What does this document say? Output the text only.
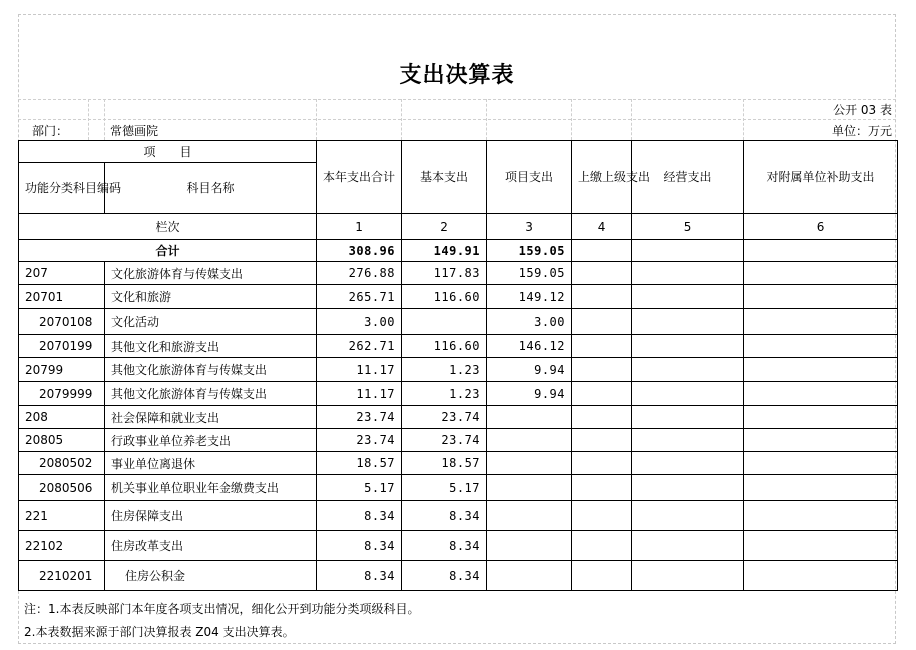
支出决算表
公开 03 表
部门：	常德画院	单位：万元
项　　目		本年支出合计	基本支出	项目支出	上缴上级支出	经营支出	对附属单位补助支出
功能分类科目编码	科目名称						
栏次		1	2	3	4	5	6
合计		308.96	149.91	159.05			
207	文化旅游体育与传媒支出	276.88	117.83	159.05			
20701	文化和旅游	265.71	116.60	149.12			
2070108	文化活动	3.00		3.00			
2070199	其他文化和旅游支出	262.71	116.60	146.12			
20799	其他文化旅游体育与传媒支出	11.17	1.23	9.94			
2079999	其他文化旅游体育与传媒支出	11.17	1.23	9.94			
208	社会保障和就业支出	23.74	23.74				
20805	行政事业单位养老支出	23.74	23.74				
2080502	事业单位离退休	18.57	18.57				
2080506	机关事业单位职业年金缴费支出	5.17	5.17				
221	住房保障支出	8.34	8.34				
22102	住房改革支出	8.34	8.34				
2210201	住房公积金	8.34	8.34				
注：1.本表反映部门本年度各项支出情况，细化公开到功能分类项级科目。
2.本表数据来源于部门决算报表 Z04 支出决算表。
